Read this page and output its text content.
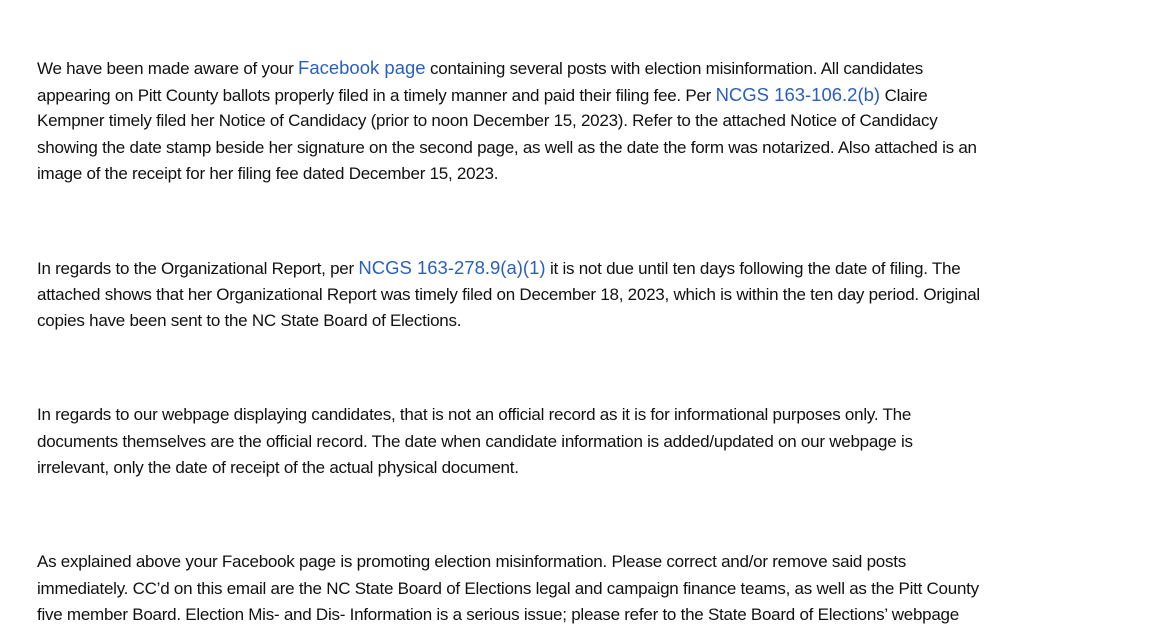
We have been made aware of your Facebook page containing several posts with election misinformation. All candidates
appearing on Pitt County ballots properly filed in a timely manner and paid their filing fee. Per NCGS 163-106.2(b) Claire
Kempner timely filed her Notice of Candidacy (prior to noon December 15, 2023). Refer to the attached Notice of Candidacy
showing the date stamp beside her signature on the second page, as well as the date the form was notarized. Also attached is an
image of the receipt for her filing fee dated December 15, 2023.
In regards to the Organizational Report, per NCGS 163-278.9(a)(1) it is not due until ten days following the date of filing. The
attached shows that her Organizational Report was timely filed on December 18, 2023, which is within the ten day period. Original
copies have been sent to the NC State Board of Elections.
In regards to our webpage displaying candidates, that is not an official record as it is for informational purposes only. The
documents themselves are the official record. The date when candidate information is added/updated on our webpage is
irrelevant, only the date of receipt of the actual physical document.
As explained above your Facebook page is promoting election misinformation. Please correct and/or remove said posts
immediately. CC’d on this email are the NC State Board of Elections legal and campaign finance teams, as well as the Pitt County
five member Board. Election Mis- and Dis- Information is a serious issue; please refer to the State Board of Elections’ webpage
